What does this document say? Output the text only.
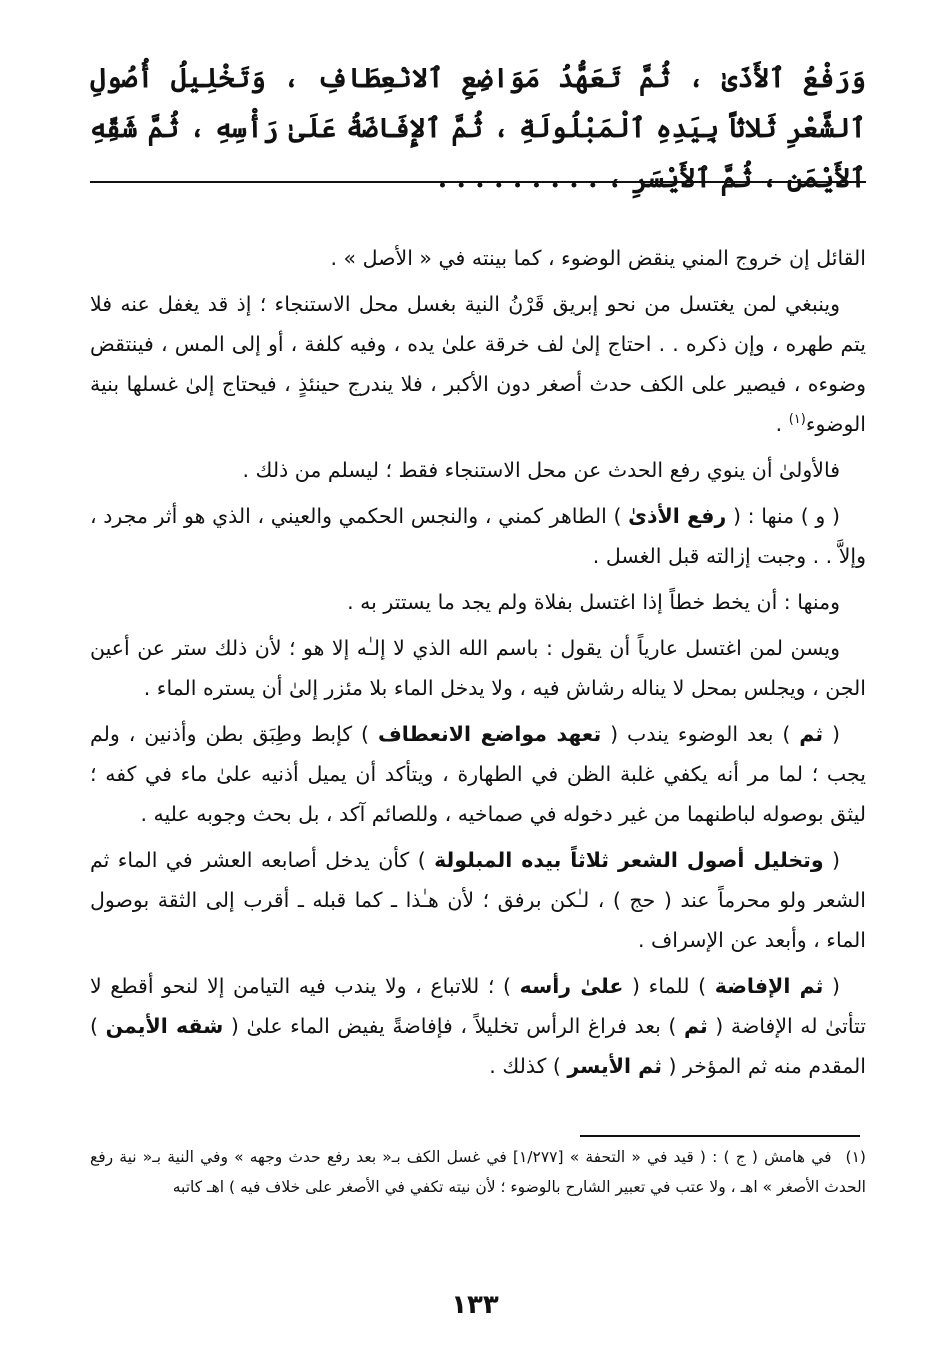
وَرَفْعُ ٱلأَذَىٰ ، ثُمَّ تَعَهُّدُ مَوَاضِعِ ٱلانْعِطَافِ ، وَتَخْلِيلُ أُصُولِ ٱلشَّعْرِ ثَلاثاً بِيَدِهِ ٱلْمَبْلُولَةِ ، ثُمَّ ٱلإِفَاضَةُ عَلَىٰ رَأْسِهِ ، ثُمَّ شَقِّهِ ٱلأَيْمَنِ ، ثُمَّ ٱلأَيْسَرِ ، . . . . . . . . .

القائل إن خروج المني ينقض الوضوء ، كما بينته في « الأصل » .

وينبغي لمن يغتسل من نحو إبريق قَرْنُ النية بغسل محل الاستنجاء ؛ إذ قد يغفل عنه فلا يتم طهره ، وإن ذكره . . احتاج إلىٰ لف خرقة علىٰ يده ، وفيه كلفة ، أو إلى المس ، فينتقض وضوءه ، فيصير على الكف حدث أصغر دون الأكبر ، فلا يندرج حينئذٍ ، فيحتاج إلىٰ غسلها بنية الوضوء$^{(١)}$ .

فالأولىٰ أن ينوي رفع الحدث عن محل الاستنجاء فقط ؛ ليسلم من ذلك .

( و ) منها : ( رفع الأذىٰ ) الطاهر كمني ، والنجس الحكمي والعيني ، الذي هو أثر مجرد ، وإلاَّ . . وجبت إزالته قبل الغسل .

ومنها : أن يخط خطاً إذا اغتسل بفلاة ولم يجد ما يستتر به .

ويسن لمن اغتسل عارياً أن يقول : باسم الله الذي لا إلـٰه إلا هو ؛ لأن ذلك ستر عن أعين الجن ، ويجلس بمحل لا يناله رشاش فيه ، ولا يدخل الماء بلا مئزر إلىٰ أن يستره الماء .

( ثم ) بعد الوضوء يندب ( تعهد مواضع الانعطاف ) كإبط وطِبَق بطن وأذنين ، ولم يجب ؛ لما مر أنه يكفي غلبة الظن في الطهارة ، ويتأكد أن يميل أذنيه علىٰ ماء في كفه ؛ ليثق بوصوله لباطنهما من غير دخوله في صماخيه ، وللصائم آكد ، بل بحث وجوبه عليه .

( وتخليل أصول الشعر ثلاثاً بيده المبلولة ) كأن يدخل أصابعه العشر في الماء ثم الشعر ولو محرماً عند ( حج ) ، لـٰكن برفق ؛ لأن هـٰذا ـ كما قبله ـ أقرب إلى الثقة بوصول الماء ، وأبعد عن الإسراف .

( ثم الإفاضة ) للماء ( علىٰ رأسه ) ؛ للاتباع ، ولا يندب فيه التيامن إلا لنحو أقطع لا تتأتىٰ له الإفاضة ( ثم ) بعد فراغ الرأس تخليلاً ، فإفاضةً يفيض الماء علىٰ ( شقه الأيمن ) المقدم منه ثم المؤخر ( ثم الأيسر ) كذلك .

(١)في هامش ( ج ) : ( قيد في « التحفة » [١/٢٧٧] في غسل الكف بـ« بعد رفع حدث وجهه » وفي النية بـ« نية رفع الحدث الأصغر » اهـ ، ولا عتب في تعبير الشارح بالوضوء ؛ لأن نيته تكفي في الأصغر على خلاف فيه ) اهـ كاتبه
١٣٣
